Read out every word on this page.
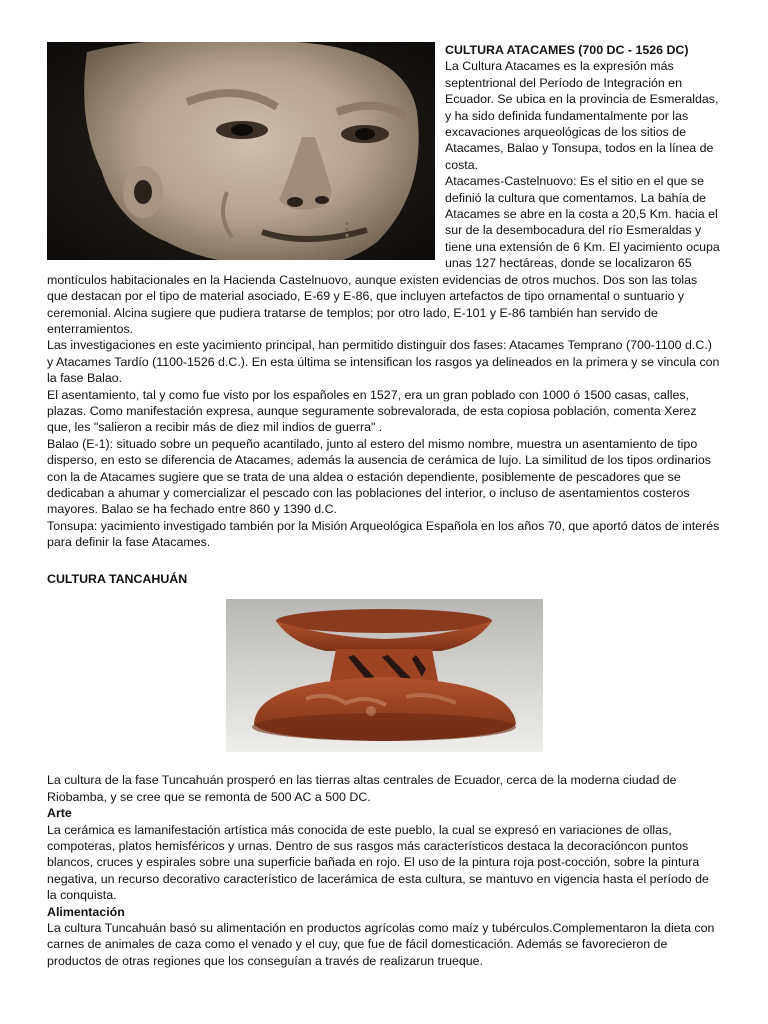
CULTURA ATACAMES (700 DC - 1526 DC)

La Cultura Atacames es la expresión más septentrional del Período de Integración en Ecuador. Se ubica en la provincia de Esmeraldas, y ha sido definida fundamentalmente por las excavaciones arqueológicas de los sitios de Atacames, Balao y Tonsupa, todos en la línea de costa.

Atacames-Castelnuovo: Es el sitio en el que se definió la cultura que comentamos. La bahía de Atacames se abre en la costa a 20,5 Km. hacia el sur de la desembocadura del río Esmeraldas y tiene una extensión de 6 Km. El yacimiento ocupa unas 127 hectáreas, donde se localizaron 65 montículos habitacionales en la Hacienda Castelnuovo, aunque existen evidencias de otros muchos. Dos son las tolas que destacan por el tipo de material asociado, E-69 y E-86, que incluyen artefactos de tipo ornamental o suntuario y ceremonial. Alcina sugiere que pudiera tratarse de templos; por otro lado, E-101 y E-86 también han servido de enterramientos.

Las investigaciones en este yacimiento principal, han permitido distinguir dos fases: Atacames Temprano (700-1100 d.C.) y Atacames Tardío (1100-1526 d.C.). En esta última se intensifican los rasgos ya delineados en la primera y se vincula con la fase Balao.

El asentamiento, tal y como fue visto por los españoles en 1527, era un gran poblado con 1000 ó 1500 casas, calles, plazas. Como manifestación expresa, aunque seguramente sobrevalorada, de esta copiosa población, comenta Xerez que, les "salieron a recibir más de diez mil indios de guerra" .

Balao (E-1): situado sobre un pequeño acantilado, junto al estero del mismo nombre, muestra un asentamiento de tipo disperso, en esto se diferencia de Atacames, además la ausencia de cerámica de lujo. La similitud de los tipos ordinarios con la de Atacames sugiere que se trata de una aldea o estación dependiente, posiblemente de pescadores que se dedicaban a ahumar y comercializar el pescado con las poblaciones del interior, o incluso de asentamientos costeros mayores. Balao se ha fechado entre 860 y 1390 d.C.

Tonsupa: yacimiento investigado también por la Misión Arqueológica Española en los años 70, que aportó datos de interés para definir la fase Atacames.

CULTURA TANCAHUÁN

La cultura de la fase Tuncahuán prosperó en las tierras altas centrales de Ecuador, cerca de la moderna ciudad de Riobamba, y se cree que se remonta de 500 AC a 500 DC.

Arte

La cerámica es lamanifestación artística más conocida de este pueblo, la cual se expresó en variaciones de ollas, compoteras, platos hemisféricos y urnas. Dentro de sus rasgos más característicos destaca la decoracióncon puntos blancos, cruces y espirales sobre una superficie bañada en rojo. El uso de la pintura roja post-cocción, sobre la pintura negativa, un recurso decorativo característico de lacerámica de esta cultura, se mantuvo en vigencia hasta el período de la conquista.

Alimentación

La cultura Tuncahuán basó su alimentación en productos agrícolas como maíz y tubérculos.Complementaron la dieta con carnes de animales de caza como el venado y el cuy, que fue de fácil domesticación. Además se favorecieron de productos de otras regiones que los conseguían a través de realizarun trueque.
